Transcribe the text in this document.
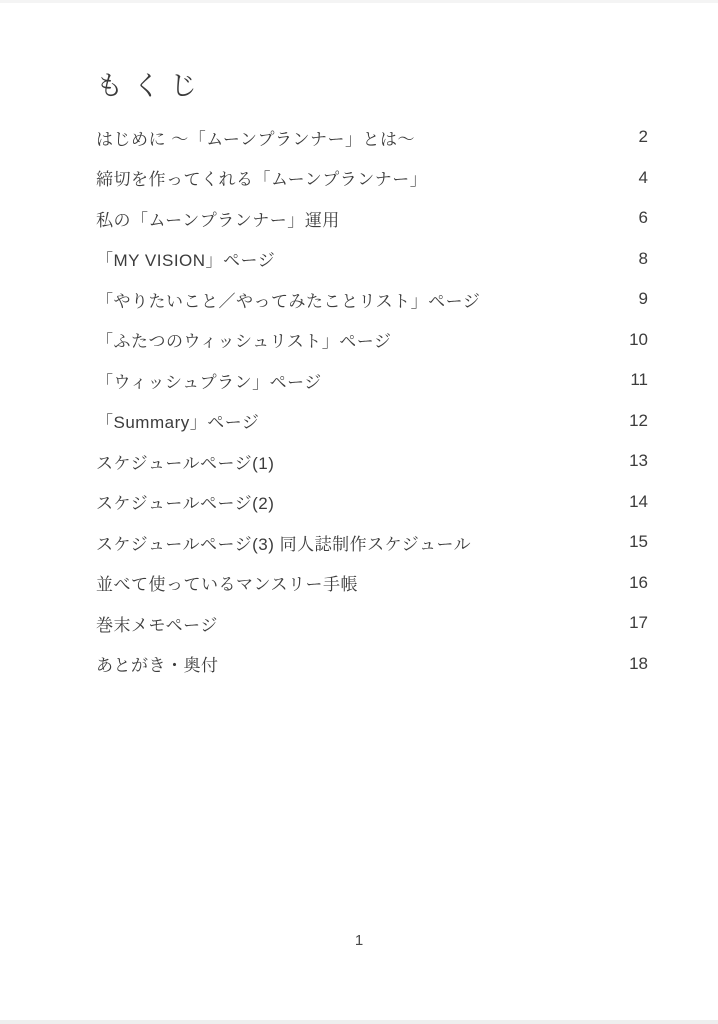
もくじ
はじめに ～「ムーンプランナー」とは～	2
締切を作ってくれる「ムーンプランナー」	4
私の「ムーンプランナー」運用	6
「MY VISION」ページ	8
「やりたいこと／やってみたことリスト」ページ	9
「ふたつのウィッシュリスト」ページ	10
「ウィッシュプラン」ページ	11
「Summary」ページ	12
スケジュールページ(1)	13
スケジュールページ(2)	14
スケジュールページ(3) 同人誌制作スケジュール	15
並べて使っているマンスリー手帳	16
巻末メモページ	17
あとがき・奥付	18
1
